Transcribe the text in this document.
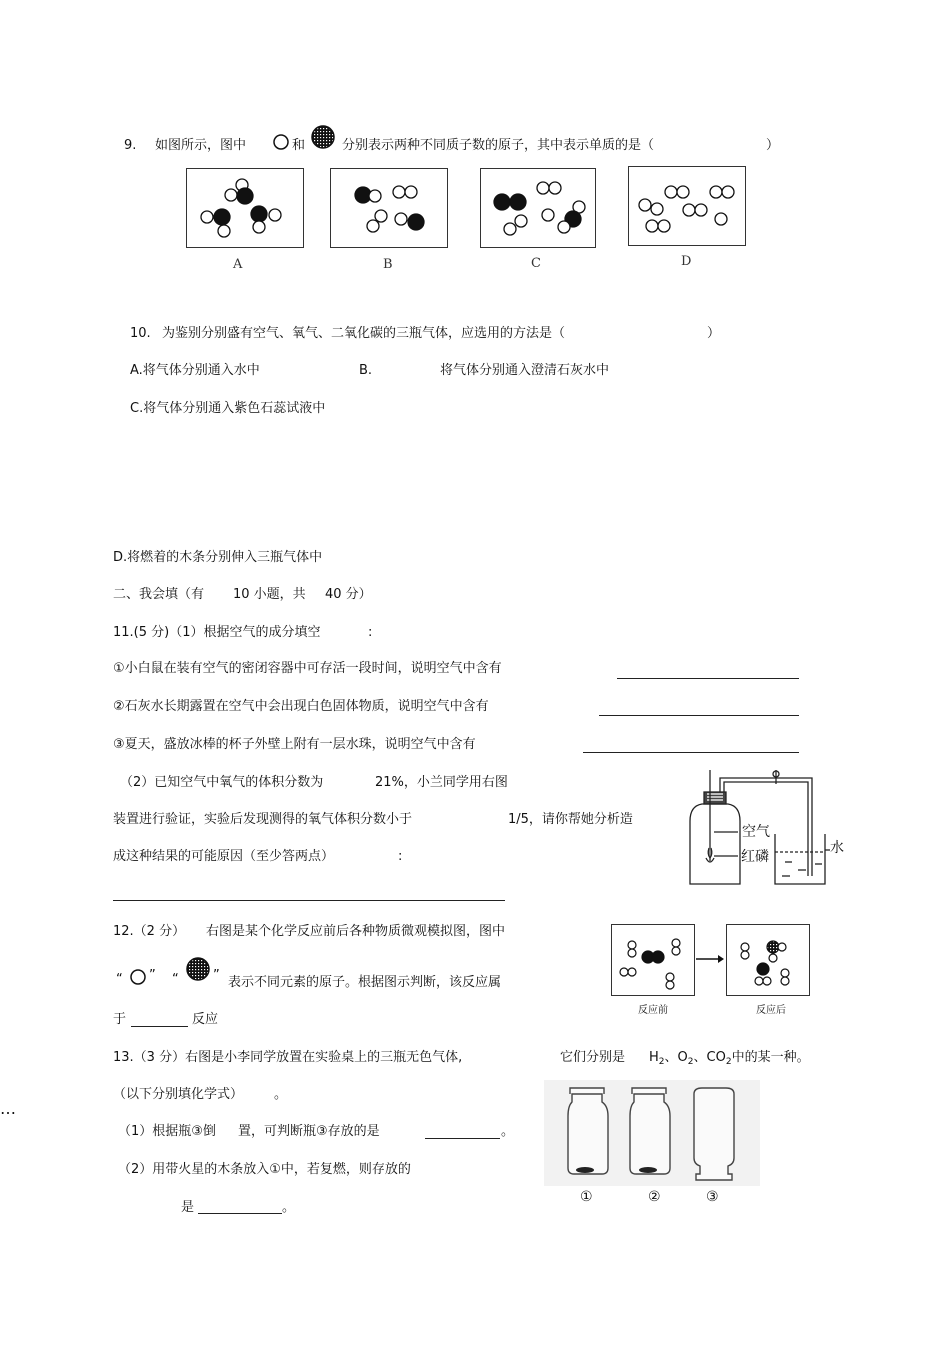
9. 如图所示，图中	和	分别表示两种不同质子数的原子，其中表示单质的是（	）
A	B	C	D
10. 为鉴别分别盛有空气、氧气、二氧化碳的三瓶气体，应选用的方法是（	）
A.将气体分别通入水中	B.	将气体分别通入澄清石灰水中
C.将气体分别通入紫色石蕊试液中
D.将燃着的木条分别伸入三瓶气体中
二、我会填（有 10 小题，共 40 分）
11.(5 分)（1）根据空气的成分填空	:
①小白鼠在装有空气的密闭容器中可存活一段时间，说明空气中含有
②石灰水长期露置在空气中会出现白色固体物质，说明空气中含有
③夏天，盛放冰棒的杯子外壁上附有一层水珠，说明空气中含有
（2）已知空气中氧气的体积分数为	21%，小兰同学用右图
装置进行验证，实验后发现测得的氧气体积分数小于	1/5，请你帮她分析造
成这种结果的可能原因（至少答两点）	:
空气
红磷
水
12.（2 分） 右图是某个化学反应前后各种物质微观模拟图，图中
“ ” “	” 表示不同元素的原子。根据图示判断，该反应属
于	反应
反应前	反应后
13.（3 分）右图是小李同学放置在实验桌上的三瓶无色气体,	它们分别是 $H_2$、$O_2$、$CO_2$中的某一种。
（以下分别填化学式） 。
（1）根据瓶③倒 置，可判断瓶③存放的是	。
（2）用带火星的木条放入①中，若复燃，则存放的
是	。
①	②	③
…
